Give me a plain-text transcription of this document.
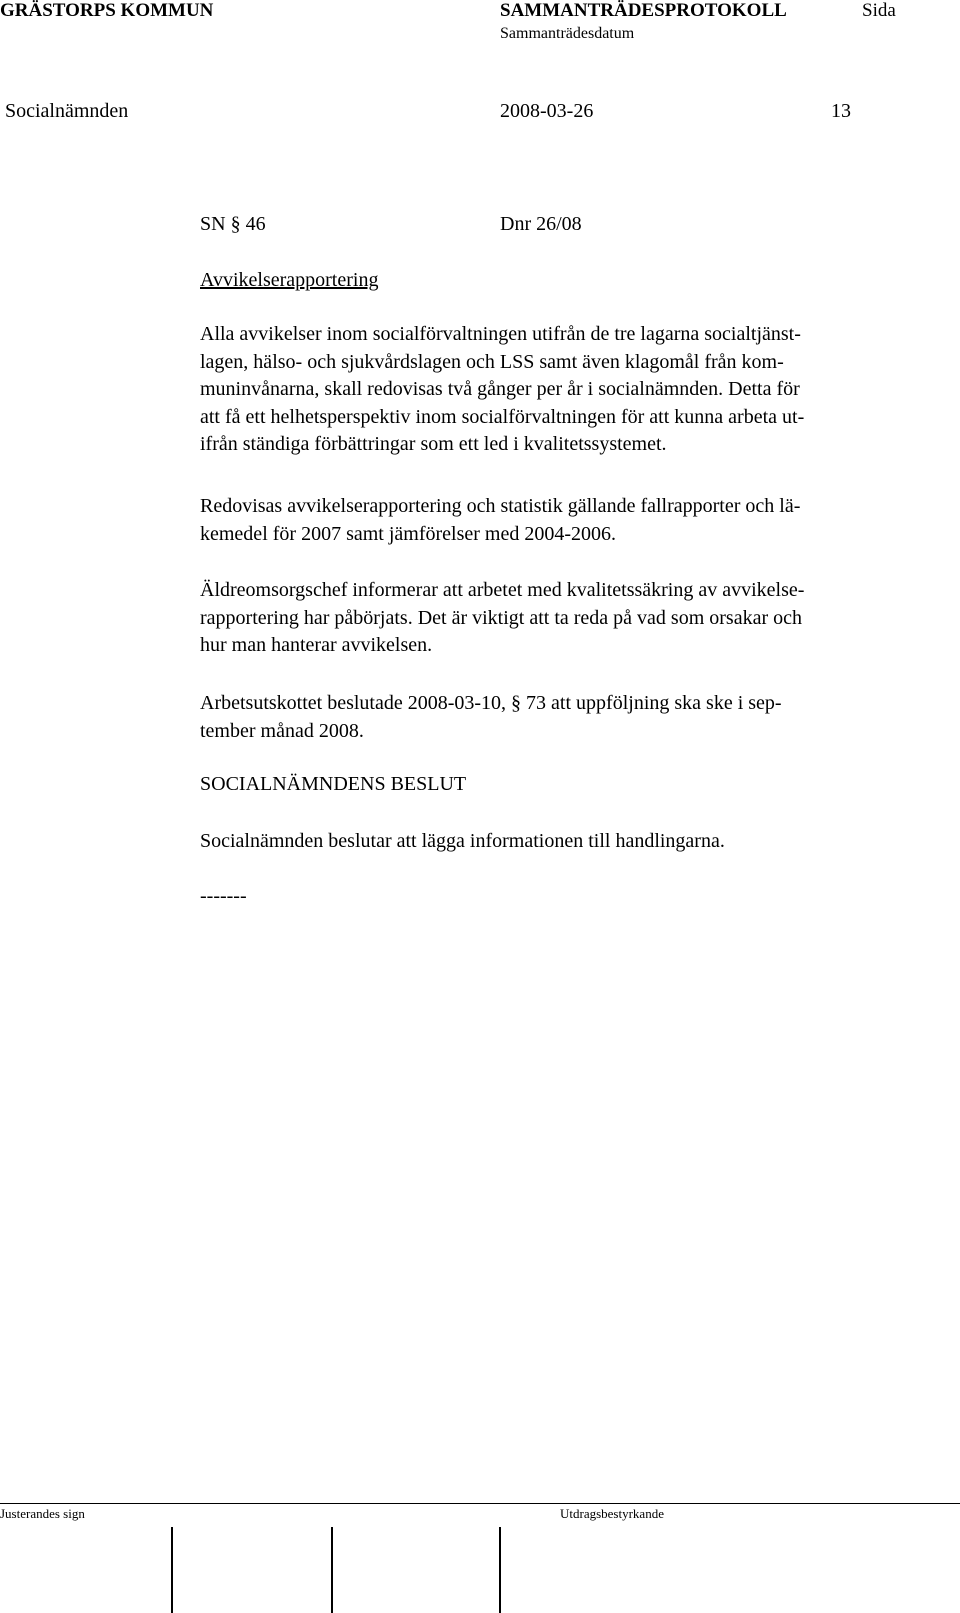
GRÄSTORPS KOMMUN	SAMMANTRÄDESPROTOKOLL	Sida
Sammanträdesdatum
Socialnämnden	2008-03-26	13
SN § 46	Dnr 26/08
Avvikelserapportering
Alla avvikelser inom socialförvaltningen utifrån de tre lagarna socialtjänst-
lagen, hälso- och sjukvårdslagen och LSS samt även klagomål från kom-
muninvånarna, skall redovisas två gånger per år i socialnämnden. Detta för
att få ett helhetsperspektiv inom socialförvaltningen för att kunna arbeta ut-
ifrån ständiga förbättringar som ett led i kvalitetssystemet.
Redovisas avvikelserapportering och statistik gällande fallrapporter och lä-
kemedel för 2007 samt jämförelser med 2004-2006.
Äldreomsorgschef informerar att arbetet med kvalitetssäkring av avvikelse-
rapportering har påbörjats. Det är viktigt att ta reda på vad som orsakar och
hur man hanterar avvikelsen.
Arbetsutskottet beslutade 2008-03-10, § 73 att uppföljning ska ske i sep-
tember månad 2008.
SOCIALNÄMNDENS BESLUT
Socialnämnden beslutar att lägga informationen till handlingarna.
-------
Justerandes sign	Utdragsbestyrkande
